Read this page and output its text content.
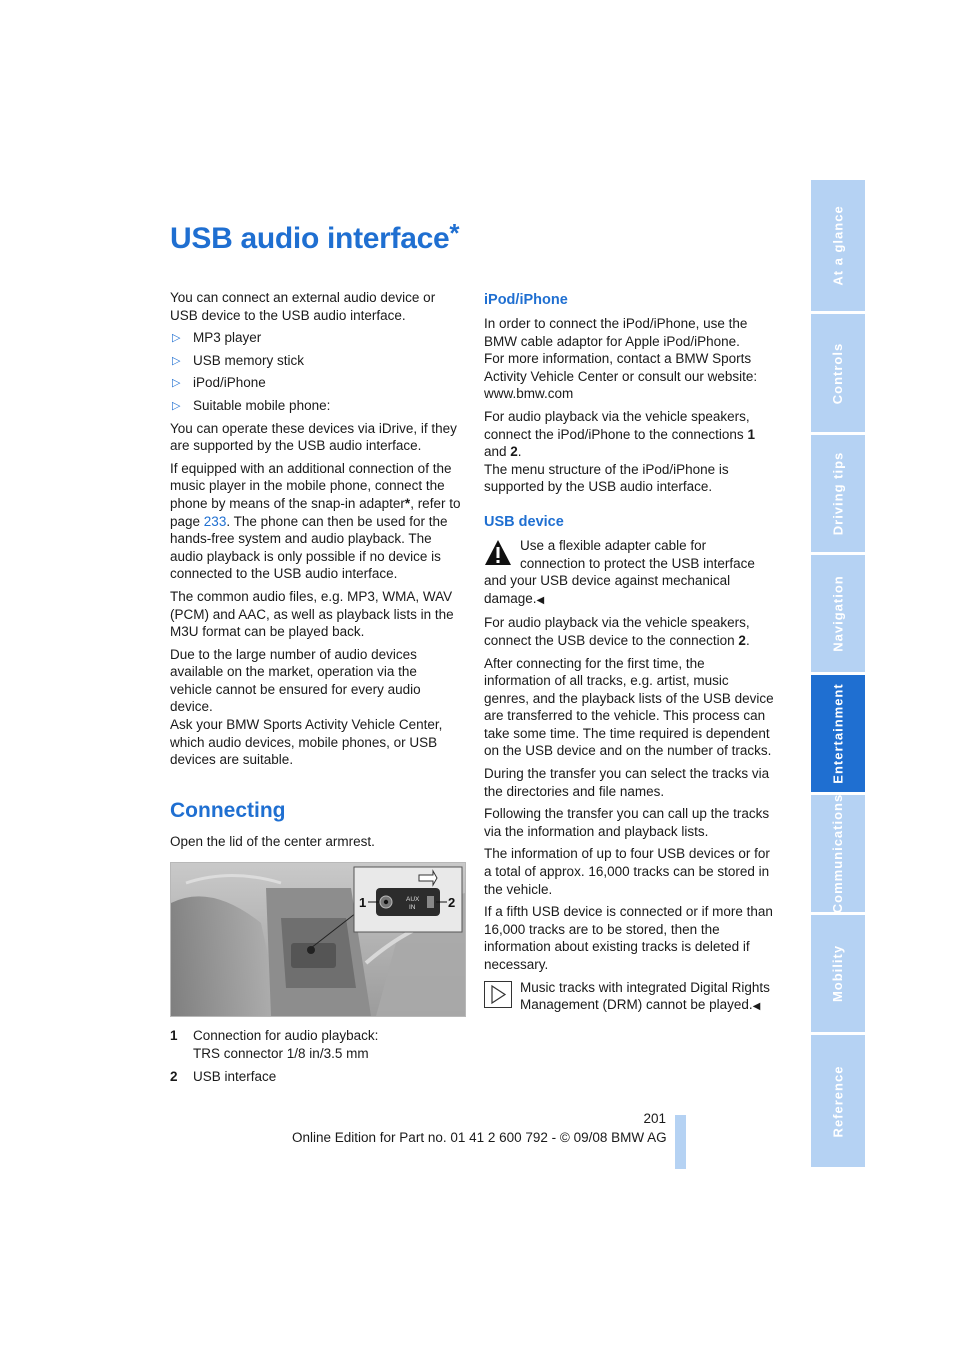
USB audio interface*

You can connect an external audio device or USB device to the USB audio interface.

▷ MP3 player
▷ USB memory stick
▷ iPod/iPhone
▷ Suitable mobile phone:

You can operate these devices via iDrive, if they are supported by the USB audio interface.

If equipped with an additional connection of the music player in the mobile phone, connect the phone by means of the snap-in adapter*, refer to page 233. The phone can then be used for the hands-free system and audio playback. The audio playback is only possible if no device is connected to the USB audio interface.

The common audio files, e.g. MP3, WMA, WAV (PCM) and AAC, as well as playback lists in the M3U format can be played back.

Due to the large number of audio devices available on the market, operation via the vehicle cannot be ensured for every audio device.

Ask your BMW Sports Activity Vehicle Center, which audio devices, mobile phones, or USB devices are suitable.

Connecting

Open the lid of the center armrest.

AUX
IN
1	2
1	Connection for audio playback:
TRS connector 1/8 in/3.5 mm
2	USB interface
iPod/iPhone

In order to connect the iPod/iPhone, use the BMW cable adaptor for Apple iPod/iPhone.

For more information, contact a BMW Sports Activity Vehicle Center or consult our website: www.bmw.com

For audio playback via the vehicle speakers, connect the iPod/iPhone to the connections 1 and 2.

The menu structure of the iPod/iPhone is supported by the USB audio interface.

USB device

Use a flexible adapter cable for connection to protect the USB interface and your USB device against mechanical damage.◀

For audio playback via the vehicle speakers, connect the USB device to the connection 2.

After connecting for the first time, the information of all tracks, e.g. artist, music genres, and the playback lists of the USB device are transferred to the vehicle. This process can take some time. The time required is dependent on the USB device and on the number of tracks.

During the transfer you can select the tracks via the directories and file names.

Following the transfer you can call up the tracks via the information and playback lists.

The information of up to four USB devices or for a total of approx. 16,000 tracks can be stored in the vehicle.

If a fifth USB device is connected or if more than 16,000 tracks are to be stored, then the information about existing tracks is deleted if necessary.

Music tracks with integrated Digital Rights Management (DRM) cannot be played.◀

201
Online Edition for Part no. 01 41 2 600 792 - © 09/08 BMW AG
At a glance
Controls
Driving tips
Navigation
Entertainment
Communications
Mobility
Reference
